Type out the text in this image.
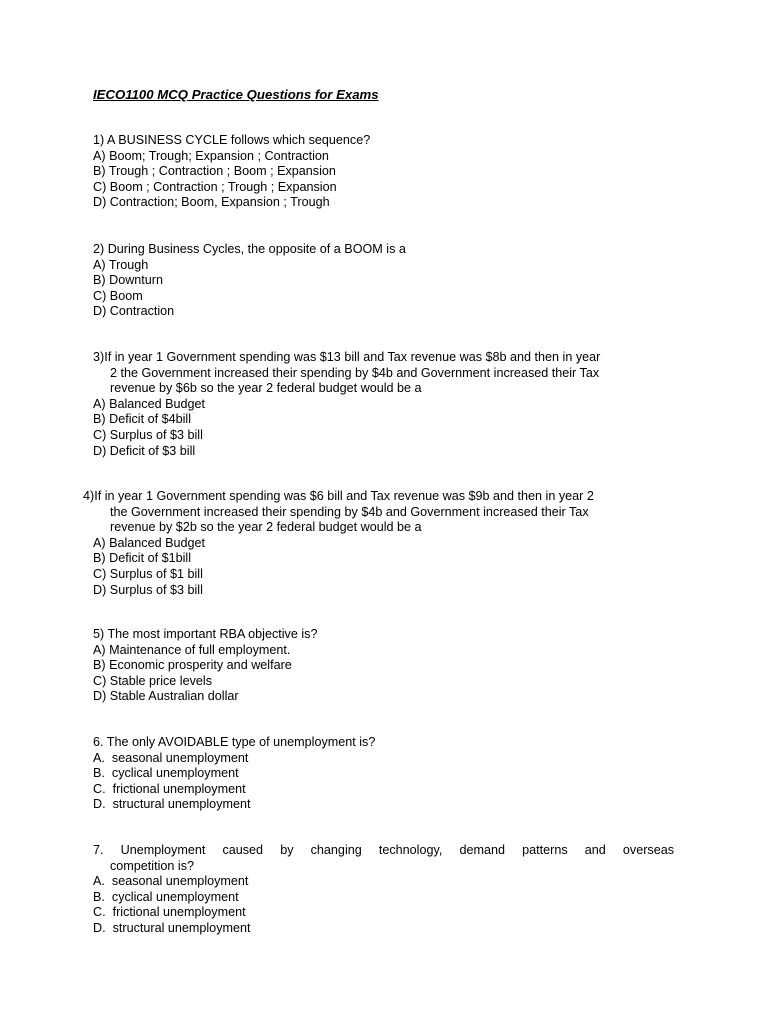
IECO1100 MCQ Practice Questions for Exams
1) A BUSINESS CYCLE follows which sequence?
A) Boom; Trough; Expansion ; Contraction
B) Trough ; Contraction ; Boom ; Expansion
C) Boom ; Contraction ; Trough ; Expansion
D) Contraction; Boom, Expansion ; Trough
2) During Business Cycles, the opposite of a BOOM is a
A) Trough
B) Downturn
C) Boom
D) Contraction
3)If in year 1 Government spending was $13 bill and Tax revenue was $8b and then in year
2 the Government increased their spending by $4b and Government increased their Tax
revenue by $6b so the year 2 federal budget would be a
A) Balanced Budget
B) Deficit of $4bill
C) Surplus of $3 bill
D) Deficit of $3 bill
4)If in year 1 Government spending was $6 bill and Tax revenue was $9b and then in year 2
the Government increased their spending by $4b and Government increased their Tax
revenue by $2b so the year 2 federal budget would be a
A) Balanced Budget
B) Deficit of $1bill
C) Surplus of $1 bill
D) Surplus of $3 bill
5) The most important RBA objective is?
A) Maintenance of full employment.
B) Economic prosperity and welfare
C) Stable price levels
D) Stable Australian dollar
6. The only AVOIDABLE type of unemployment is?
A.  seasonal unemployment
B.  cyclical unemployment
C.  frictional unemployment
D.  structural unemployment
7. Unemployment caused by changing technology, demand patterns and overseas
competition is?
A.  seasonal unemployment
B.  cyclical unemployment
C.  frictional unemployment
D.  structural unemployment
